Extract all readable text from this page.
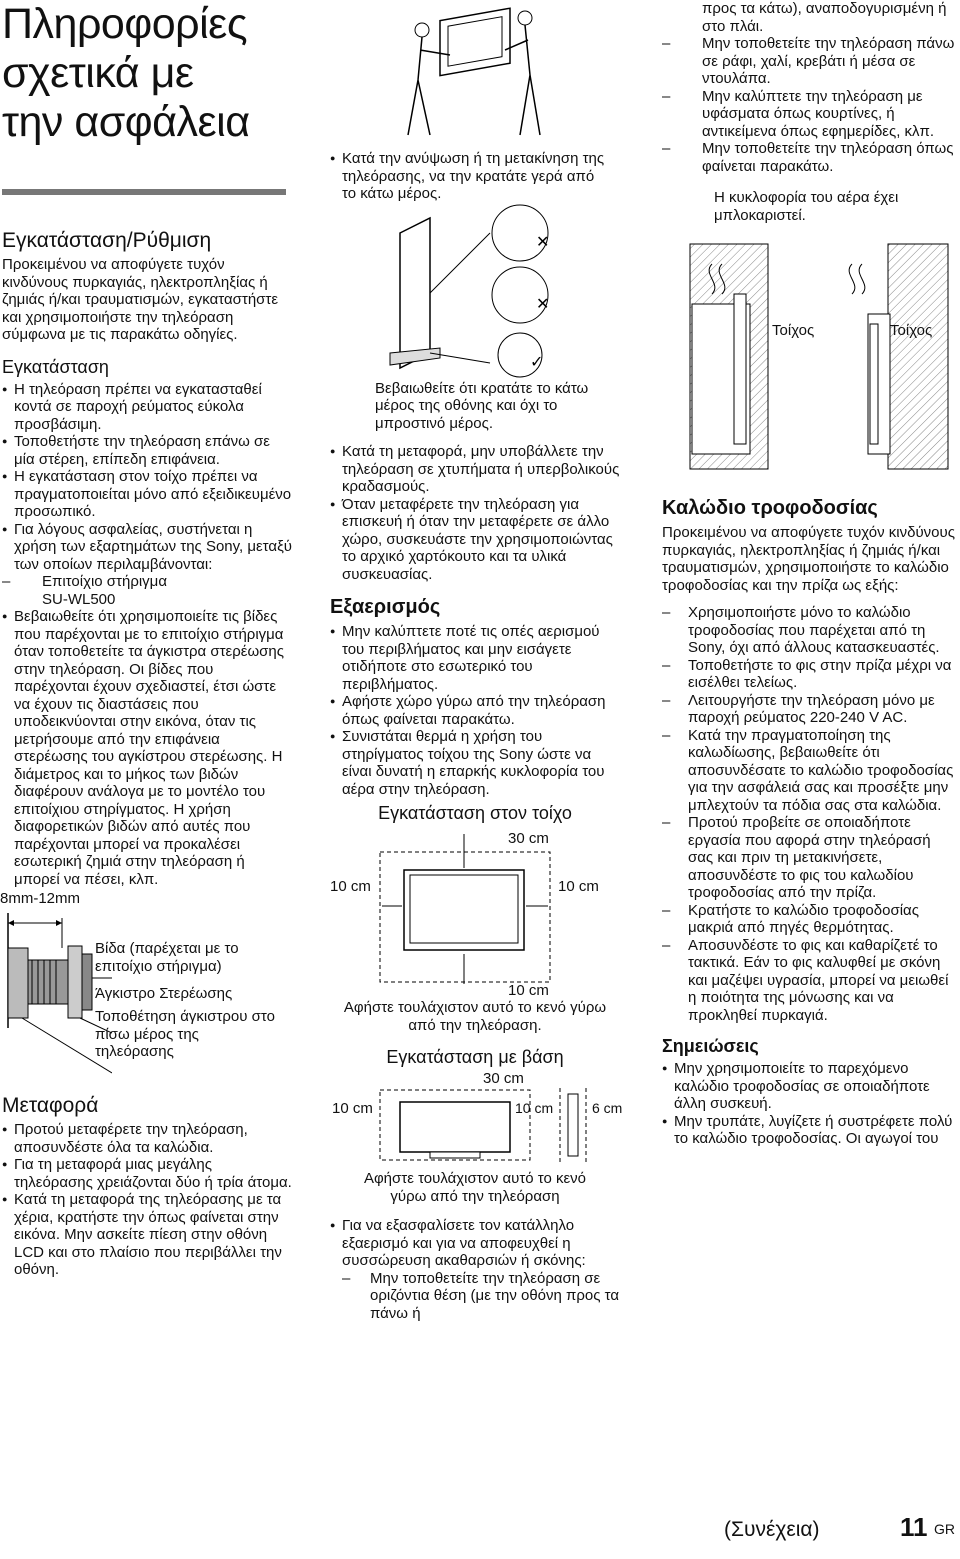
Πληροφορίες
σχετικά με
την ασφάλεια
Εγκατάσταση/Ρύθμιση

Προκειμένου να αποφύγετε τυχόν κινδύνους πυρκαγιάς, ηλεκτροπληξίας ή ζημιάς ή/και τραυματισμών, εγκαταστήστε και χρησιμοποιήστε την τηλεόραση σύμφωνα με τις παρακάτω οδηγίες.

Εγκατάσταση
● Η τηλεόραση πρέπει να εγκατασταθεί κοντά σε παροχή ρεύματος εύκολα προσβάσιμη.
● Τοποθετήστε την τηλεόραση επάνω σε μία στέρεη, επίπεδη επιφάνεια.
● Η εγκατάσταση στον τοίχο πρέπει να πραγματοποιείται μόνο από εξειδικευμένο προσωπικό.
● Για λόγους ασφαλείας, συστήνεται η χρήση των εξαρτημάτων της Sony, μεταξύ των οποίων περιλαμβάνονται:
– Επιτοίχιο στήριγμα
SU-WL500
● Βεβαιωθείτε ότι χρησιμοποιείτε τις βίδες που παρέχονται με το επιτοίχιο στήριγμα όταν τοποθετείτε τα άγκιστρα στερέωσης στην τηλεόραση. Οι βίδες που παρέχονται έχουν σχεδιαστεί, έτσι ώστε να έχουν τις διαστάσεις που υποδεικνύονται στην εικόνα, όταν τις μετρήσουμε από την επιφάνεια στερέωσης του αγκίστρου στερέωσης. Η διάμετρος και το μήκος των βιδών διαφέρουν ανάλογα με το μοντέλο του επιτοίχιου στηρίγματος. Η χρήση διαφορετικών βιδών από αυτές που παρέχονται μπορεί να προκαλέσει εσωτερική ζημιά στην τηλεόραση ή μπορεί να πέσει, κλπ.
8mm-12mm
Βίδα (παρέχεται με το επιτοίχιο στήριγμα)
Άγκιστρο Στερέωσης
Τοποθέτηση άγκιστρου στο πίσω μέρος της τηλεόρασης
Μεταφορά
● Προτού μεταφέρετε την τηλεόραση, αποσυνδέστε όλα τα καλώδια.
● Για τη μεταφορά μιας μεγάλης τηλεόρασης χρειάζονται δύο ή τρία άτομα.
● Κατά τη μεταφορά της τηλεόρασης με τα χέρια, κρατήστε την όπως φαίνεται στην εικόνα. Μην ασκείτε πίεση στην οθόνη LCD και στο πλαίσιο που περιβάλλει την οθόνη.
● Κατά την ανύψωση ή τη μετακίνηση της τηλεόρασης, να την κρατάτε γερά από το κάτω μέρος.
✕
✕
✓

Βεβαιωθείτε ότι κρατάτε το κάτω μέρος της οθόνης και όχι το μπροστινό μέρος.

● Κατά τη μεταφορά, μην υποβάλλετε την τηλεόραση σε χτυπήματα ή υπερβολικούς κραδασμούς.
● Όταν μεταφέρετε την τηλεόραση για επισκευή ή όταν την μεταφέρετε σε άλλο χώρο, συσκευάστε την χρησιμοποιώντας το αρχικό χαρτόκουτο και τα υλικά συσκευασίας.
Εξαερισμός
● Μην καλύπτετε ποτέ τις οπές αερισμού του περιβλήματος και μην εισάγετε οτιδήποτε στο εσωτερικό του περιβλήματος.
● Αφήστε χώρο γύρω από την τηλεόραση όπως φαίνεται παρακάτω.
● Συνιστάται θερμά η χρήση του στηρίγματος τοίχου της Sony ώστε να είναι δυνατή η επαρκής κυκλοφορία του αέρα στην τηλεόραση.
Εγκατάσταση στον τοίχο
30 cm
10 cm	10 cm
10 cm

Αφήστε τουλάχιστον αυτό το κενό γύρω από την τηλεόραση.

Εγκατάσταση με βάση
30 cm
10 cm	10 cm	6 cm

Αφήστε τουλάχιστον αυτό το κενό γύρω από την τηλεόραση

● Για να εξασφαλίσετε τον κατάλληλο εξαερισμό και για να αποφευχθεί η συσσώρευση ακαθαρσιών ή σκόνης:
– Μην τοποθετείτε την τηλεόραση σε οριζόντια θέση (με την οθόνη προς τα πάνω ή

προς τα κάτω), αναποδογυρισμένη ή στο πλάι.

– Μην τοποθετείτε την τηλεόραση πάνω σε ράφι, χαλί, κρεβάτι ή μέσα σε ντουλάπα.
– Μην καλύπτετε την τηλεόραση με υφάσματα όπως κουρτίνες, ή αντικείμενα όπως εφημερίδες, κλπ.
– Μην τοποθετείτε την τηλεόραση όπως φαίνεται παρακάτω.

Η κυκλοφορία του αέρα έχει μπλοκαριστεί.

Τοίχος	Τοίχος
Καλώδιο τροφοδοσίας

Προκειμένου να αποφύγετε τυχόν κινδύνους πυρκαγιάς, ηλεκτροπληξίας ή ζημιάς ή/και τραυματισμών, χρησιμοποιήστε το καλώδιο τροφοδοσίας και την πρίζα ως εξής:

– Χρησιμοποιήστε μόνο το καλώδιο τροφοδοσίας που παρέχεται από τη Sony, όχι από άλλους κατασκευαστές.
– Τοποθετήστε το φις στην πρίζα μέχρι να εισέλθει τελείως.
– Λειτουργήστε την τηλεόραση μόνο με παροχή ρεύματος 220-240 V AC.
– Κατά την πραγματοποίηση της καλωδίωσης, βεβαιωθείτε ότι αποσυνδέσατε το καλώδιο τροφοδοσίας για την ασφάλειά σας και προσέξτε μην μπλεχτούν τα πόδια σας στα καλώδια.
– Προτού προβείτε σε οποιαδήποτε εργασία που αφορά στην τηλεόρασή σας και πριν τη μετακινήσετε, αποσυνδέστε το φις του καλωδίου τροφοδοσίας από την πρίζα.
– Κρατήστε το καλώδιο τροφοδοσίας μακριά από πηγές θερμότητας.
– Αποσυνδέστε το φις και καθαρίζετέ το τακτικά. Εάν το φις καλυφθεί με σκόνη και μαζέψει υγρασία, μπορεί να μειωθεί η ποιότητα της μόνωσης και να προκληθεί πυρκαγιά.
Σημειώσεις
● Μην χρησιμοποιείτε το παρεχόμενο καλώδιο τροφοδοσίας σε οποιαδήποτε άλλη συσκευή.
● Μην τρυπάτε, λυγίζετε ή συστρέφετε πολύ το καλώδιο τροφοδοσίας. Οι αγωγοί του
(Συνέχεια)	11 GR
